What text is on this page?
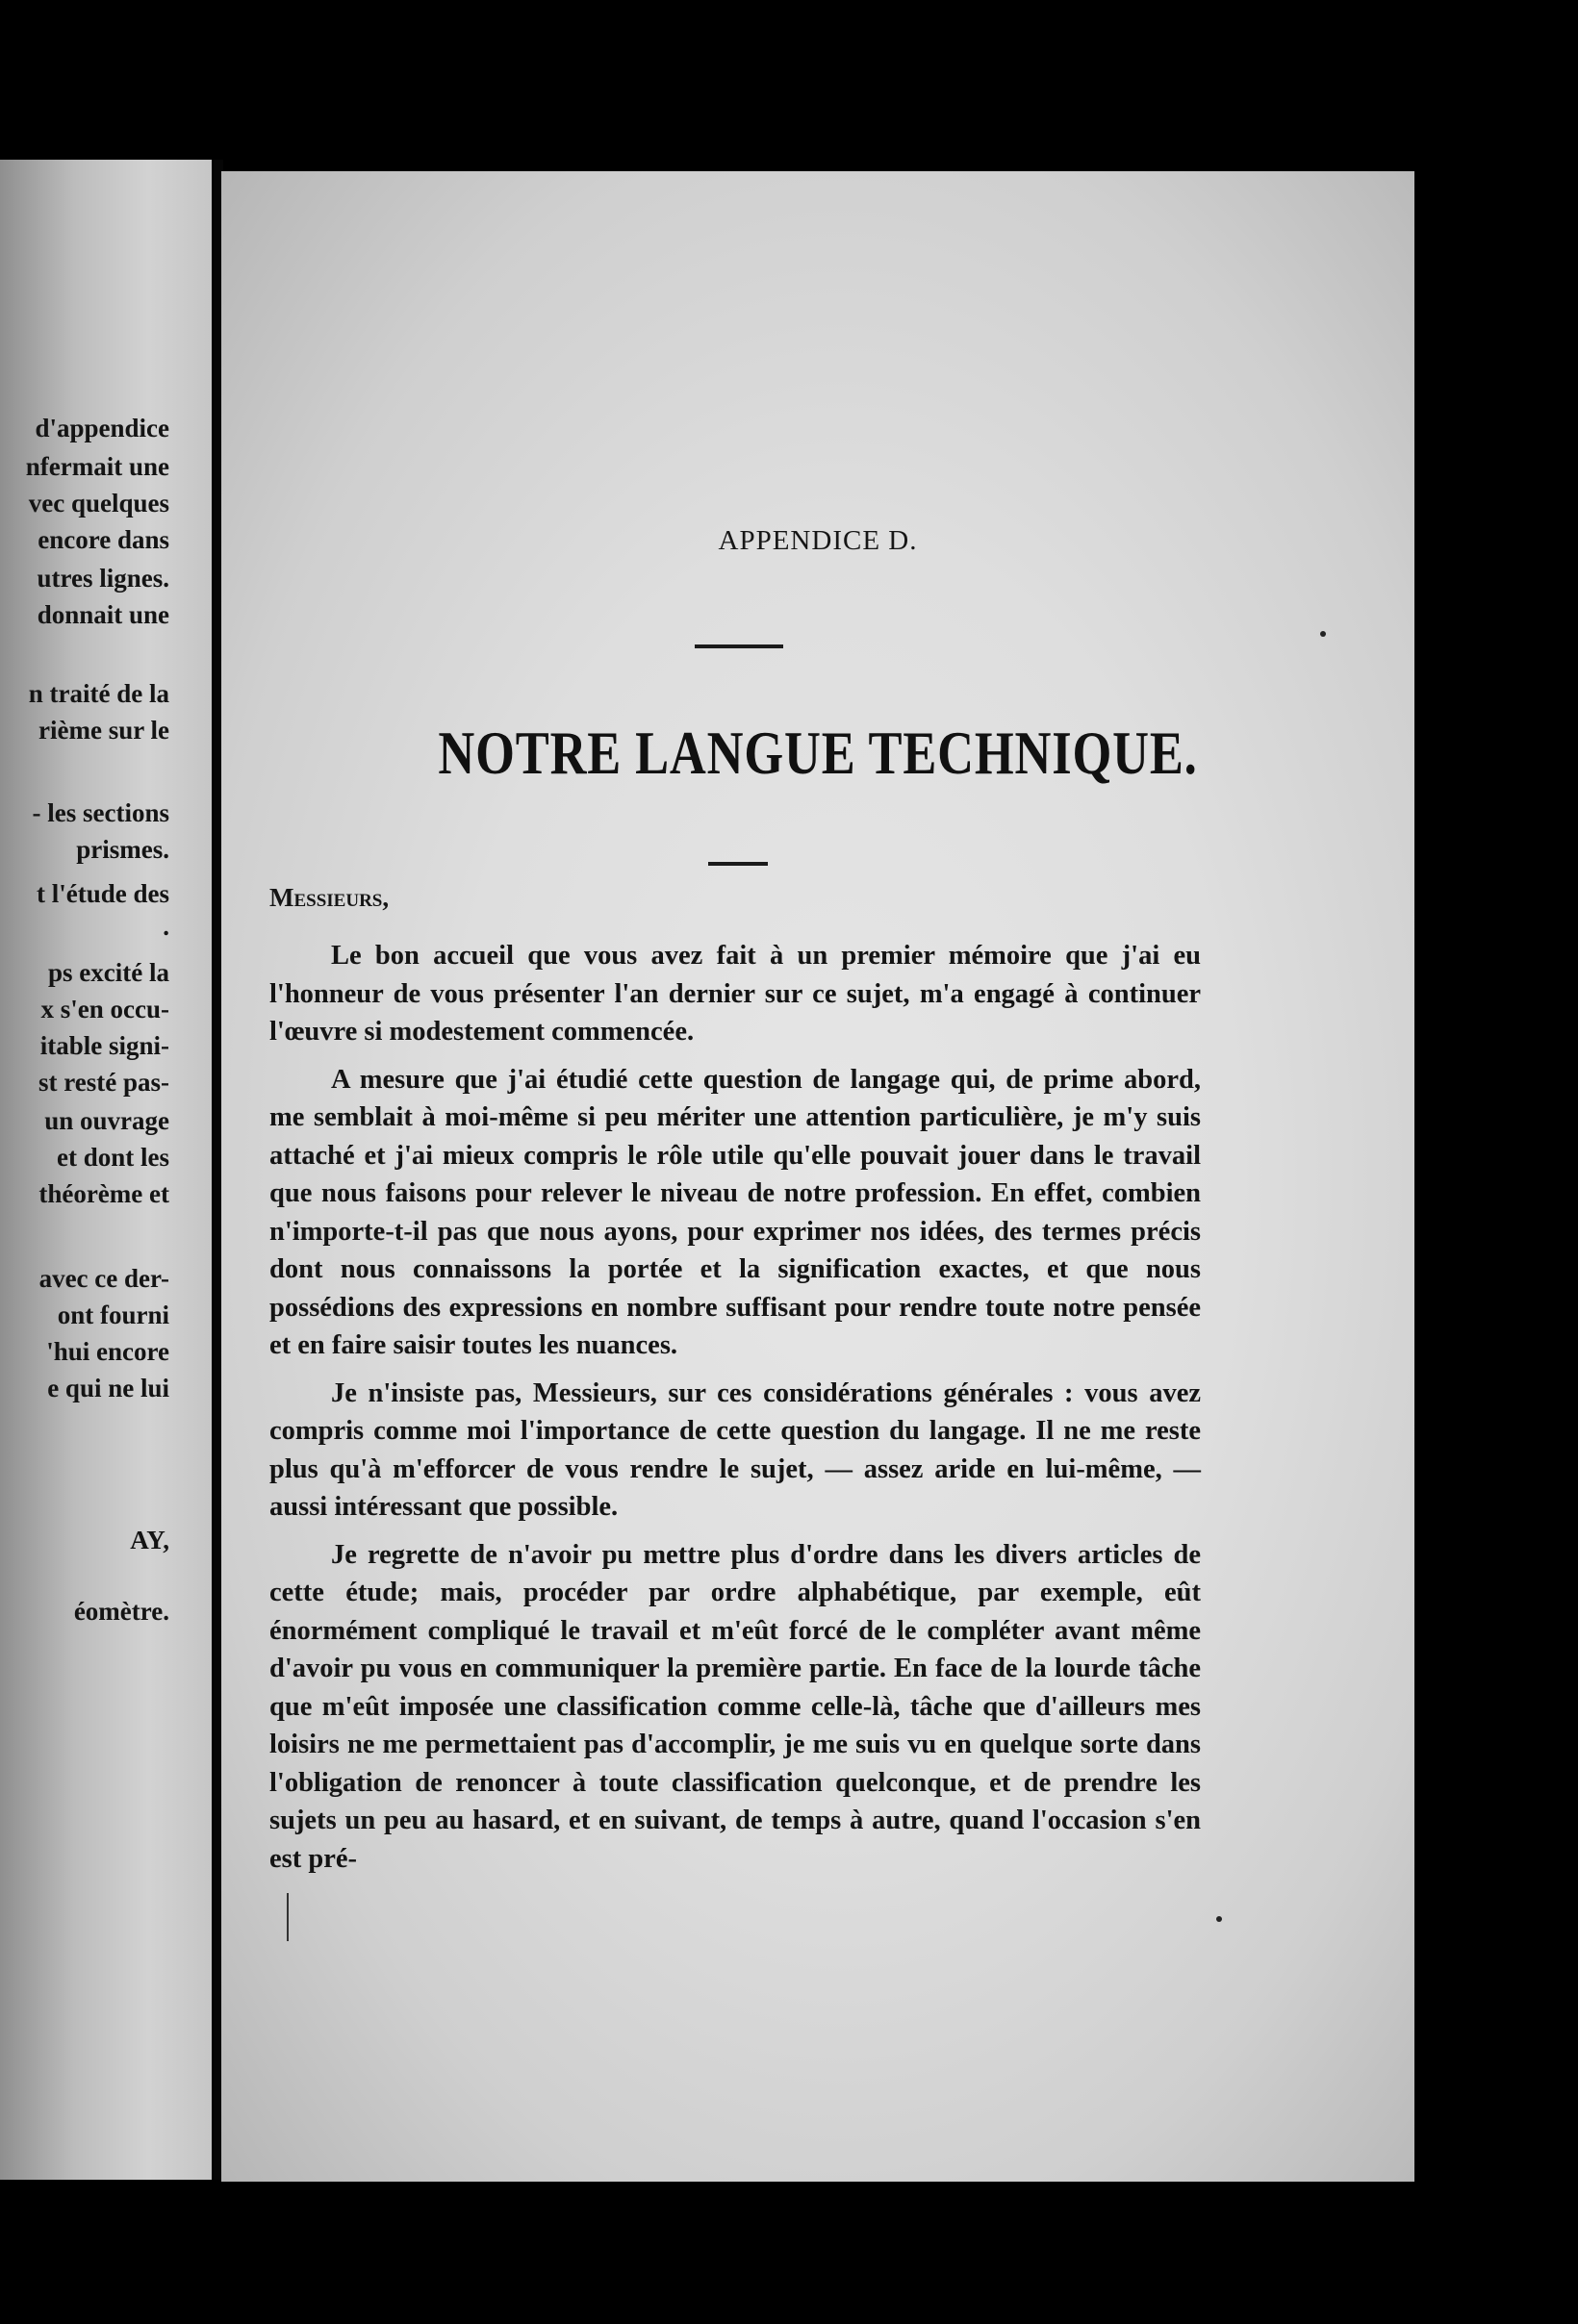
d'appendice
nfermait une
vec quelques
encore dans
utres lignes.
donnait une
n traité de la
rième sur le
- les sections
prismes.
t l'étude des
.
ps excité la
x s'en occu-
itable signi-
st resté pas-
un ouvrage
et dont les
théorème et
avec ce der-
ont fourni
'hui encore
e qui ne lui
AY,
éomètre.
APPENDICE D.
NOTRE LANGUE TECHNIQUE.
Messieurs,

Le bon accueil que vous avez fait à un premier mémoire que j'ai eu l'honneur de vous présenter l'an dernier sur ce sujet, m'a engagé à continuer l'œuvre si modestement commencée.

A mesure que j'ai étudié cette question de langage qui, de prime abord, me semblait à moi-même si peu mériter une attention particulière, je m'y suis attaché et j'ai mieux compris le rôle utile qu'elle pouvait jouer dans le travail que nous faisons pour relever le niveau de notre profession. En effet, combien n'importe-t-il pas que nous ayons, pour exprimer nos idées, des termes précis dont nous connaissons la portée et la signification exactes, et que nous possédions des expressions en nombre suffisant pour rendre toute notre pensée et en faire saisir toutes les nuances.

Je n'insiste pas, Messieurs, sur ces considérations générales : vous avez compris comme moi l'importance de cette question du langage. Il ne me reste plus qu'à m'efforcer de vous rendre le sujet, — assez aride en lui-même, — aussi intéressant que possible.

Je regrette de n'avoir pu mettre plus d'ordre dans les divers articles de cette étude; mais, procéder par ordre alphabétique, par exemple, eût énormément compliqué le travail et m'eût forcé de le compléter avant même d'avoir pu vous en communiquer la première partie. En face de la lourde tâche que m'eût imposée une classification comme celle-là, tâche que d'ailleurs mes loisirs ne me permettaient pas d'accomplir, je me suis vu en quelque sorte dans l'obligation de renoncer à toute classification quelconque, et de prendre les sujets un peu au hasard, et en suivant, de temps à autre, quand l'occasion s'en est pré-
